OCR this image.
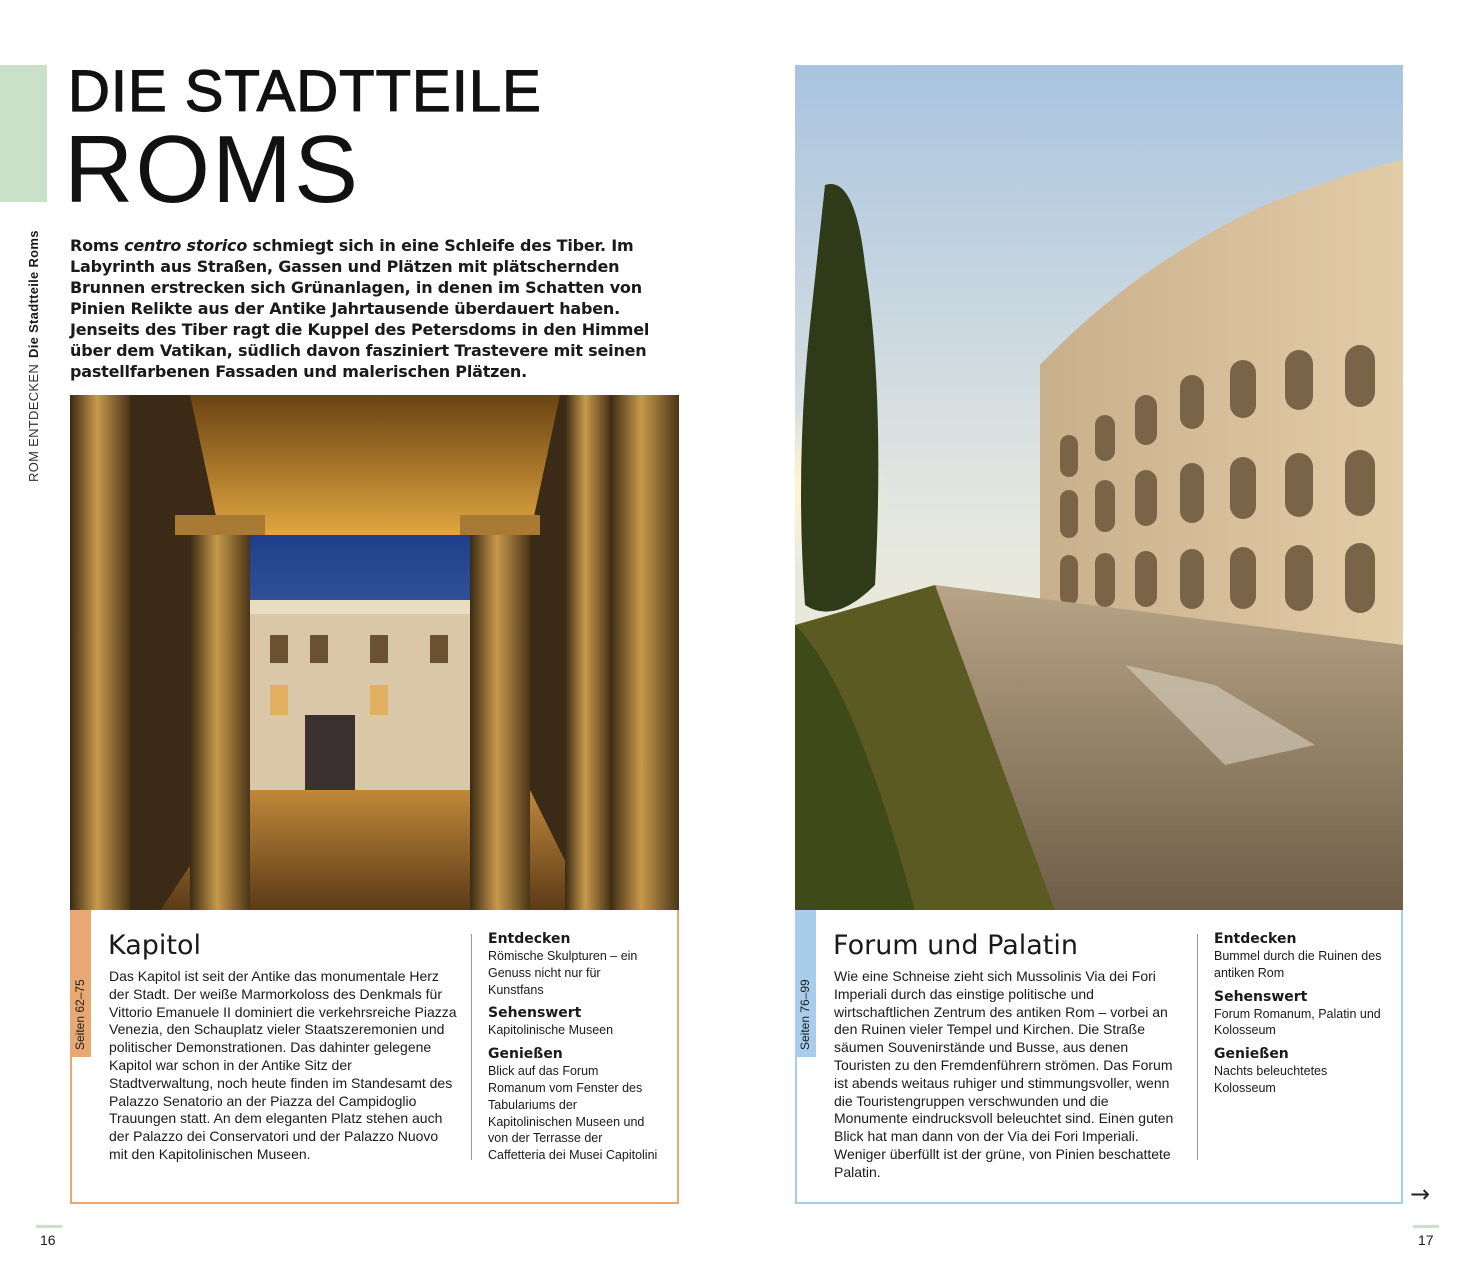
ROM ENTDECKENDie Stadtteile Roms
DIE STADTTEILE
ROMS
Roms centro storico schmiegt sich in eine Schleife des Tiber. Im Labyrinth aus Straßen, Gassen und Plätzen mit plätschernden Brunnen erstrecken sich Grünanlagen, in denen im Schatten von Pinien Relikte aus der Antike Jahrtausende überdauert haben. Jenseits des Tiber ragt die Kuppel des Petersdoms in den Himmel über dem Vatikan, südlich davon fasziniert Trastevere mit seinen pastellfarbenen Fassaden und malerischen Plätzen.
Seiten 62–75
Kapitol
Das Kapitol ist seit der Antike das monumentale Herz der Stadt. Der weiße Marmorkoloss des Denkmals für Vittorio Emanuele II dominiert die verkehrsreiche Piazza Venezia, den Schauplatz vieler Staatszeremonien und politischer Demonstrationen. Das dahinter gelegene Kapitol war schon in der Antike Sitz der Stadtverwaltung, noch heute finden im Standesamt des Palazzo Senatorio an der Piazza del Campidoglio Trauungen statt. An dem eleganten Platz stehen auch der Palazzo dei Conservatori und der Palazzo Nuovo mit den Kapitolinischen Museen.
Entdecken
Römische Skulpturen – ein Genuss nicht nur für Kunstfans
Sehenswert
Kapitolinische Museen
Genießen
Blick auf das Forum Romanum vom Fenster des Tabulariums der Kapitolinischen Museen und von der Terrasse der Caffetteria dei Musei Capitolini
16
Seiten 76–99
Forum und Palatin
Wie eine Schneise zieht sich Mussolinis Via dei Fori Imperiali durch das einstige politische und wirtschaftlichen Zentrum des antiken Rom – vorbei an den Ruinen vieler Tempel und Kirchen. Die Straße säumen Souvenirstände und Busse, aus denen Touristen zu den Fremdenführern strömen. Das Forum ist abends weitaus ruhiger und stimmungsvoller, wenn die Touristengruppen verschwunden und die Monumente eindrucksvoll beleuchtet sind. Einen guten Blick hat man dann von der Via dei Fori Imperiali. Weniger überfüllt ist der grüne, von Pinien beschattete Palatin.
Entdecken
Bummel durch die Ruinen des antiken Rom
Sehenswert
Forum Romanum, Palatin und Kolosseum
Genießen
Nachts beleuchtetes Kolosseum
→
17
